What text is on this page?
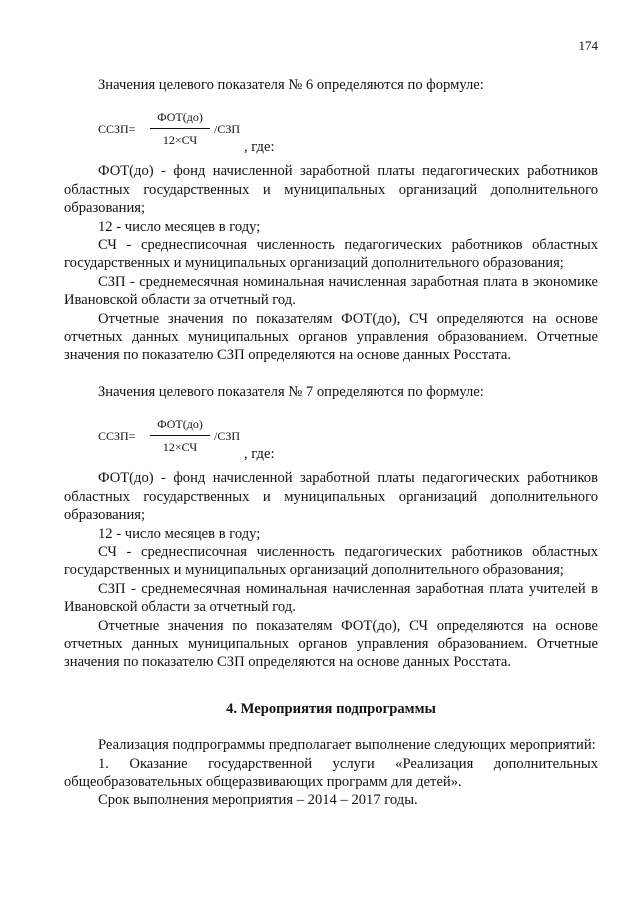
174

Значения целевого показателя № 6 определяются по формуле:

ССЗП=
ФОТ(до)
12×СЧ
/СЗП
, где:

ФОТ(до) - фонд начисленной заработной платы педагогических работников областных государственных и муниципальных организаций дополнительного образования;

12 - число месяцев в году;

СЧ - среднесписочная численность педагогических работников областных государственных и муниципальных организаций дополнительного образования;

СЗП - среднемесячная номинальная начисленная заработная плата в экономике Ивановской области за отчетный год.

Отчетные значения по показателям ФОТ(до), СЧ определяются на основе отчетных данных муниципальных органов управления образованием. Отчетные значения по показателю СЗП определяются на основе данных Росстата.

Значения целевого показателя № 7 определяются по формуле:

ССЗП=
ФОТ(до)
12×СЧ
/СЗП
, где:

ФОТ(до) - фонд начисленной заработной платы педагогических работников областных государственных и муниципальных организаций дополнительного образования;

12 - число месяцев в году;

СЧ - среднесписочная численность педагогических работников областных государственных и муниципальных организаций дополнительного образования;

СЗП - среднемесячная номинальная начисленная заработная плата учителей в Ивановской области за отчетный год.

Отчетные значения по показателям ФОТ(до), СЧ определяются на основе отчетных данных муниципальных органов управления образованием. Отчетные значения по показателю СЗП определяются на основе данных Росстата.

4. Мероприятия подпрограммы

Реализация подпрограммы предполагает выполнение следующих мероприятий:

1. Оказание государственной услуги «Реализация дополнительных общеобразовательных общеразвивающих программ для детей».

Срок выполнения мероприятия – 2014 – 2017 годы.
